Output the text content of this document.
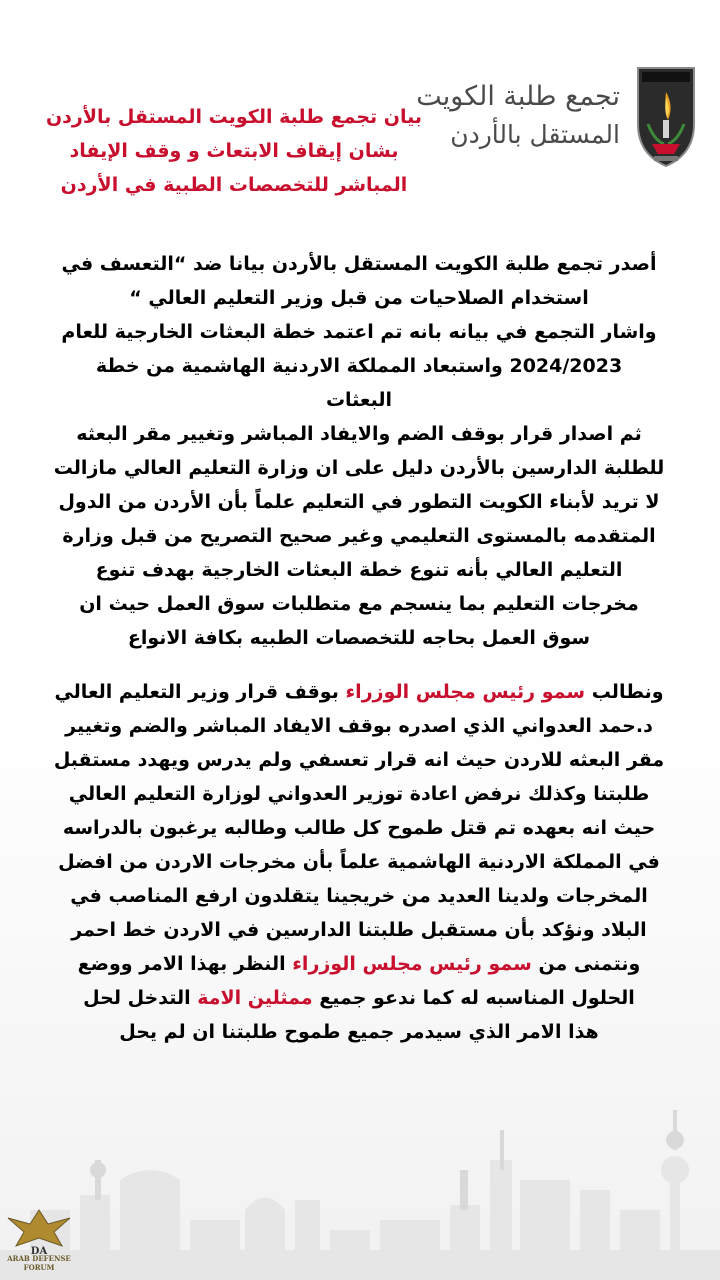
تجمع طلبة الكويت
المستقل بالأردن
بيان تجمع طلبة الكويت المستقل بالأردن
بشان إيقاف الابتعاث و وقف الإيفاد
المباشر للتخصصات الطبية في الأردن

أصدر تجمع طلبة الكويت المستقل بالأردن بيانا ضد “التعسف في

استخدام الصلاحيات من قبل وزير التعليم العالي “

واشار التجمع في بيانه بانه تم اعتمد خطة البعثات الخارجية للعام

2024/2023 واستبعاد المملكة الاردنية الهاشمية من خطة

البعثات

ثم اصدار قرار بوقف الضم والايفاد المباشر وتغيير مقر البعثه

للطلبة الدارسين بالأردن دليل على ان وزارة التعليم العالي مازالت

لا تريد لأبناء الكويت التطور في التعليم علماً بأن الأردن من الدول

المتقدمه بالمستوى التعليمي وغير صحيح التصريح من قبل وزارة

التعليم العالي بأنه تنوع خطة البعثات الخارجية بهدف تنوع

مخرجات التعليم بما ينسجم مع متطلبات سوق العمل حيث ان

سوق العمل بحاجه للتخصصات الطبيه بكافة الانواع

ونطالب سمو رئيس مجلس الوزراء بوقف قرار وزير التعليم العالي

د.حمد العدواني الذي اصدره بوقف الايفاد المباشر والضم وتغيير

مقر البعثه للاردن حيث انه قرار تعسفي ولم يدرس ويهدد مستقبل

طلبتنا وكذلك نرفض اعادة توزير العدواني لوزارة التعليم العالي

حيث انه بعهده تم قتل طموح كل طالب وطالبه يرغبون بالدراسه

في المملكة الاردنية الهاشمية علماً بأن مخرجات الاردن من افضل

المخرجات ولدينا العديد من خريجينا يتقلدون ارفع المناصب في

البلاد ونؤكد بأن مستقبل طلبتنا الدارسين في الاردن خط احمر

ونتمنى من سمو رئيس مجلس الوزراء النظر بهذا الامر ووضع

الحلول المناسبه له كما ندعو جميع ممثلين الامة التدخل لحل

هذا الامر الذي سيدمر جميع طموح طلبتنا ان لم يحل

DA
ARAB DEFENSE FORUM
